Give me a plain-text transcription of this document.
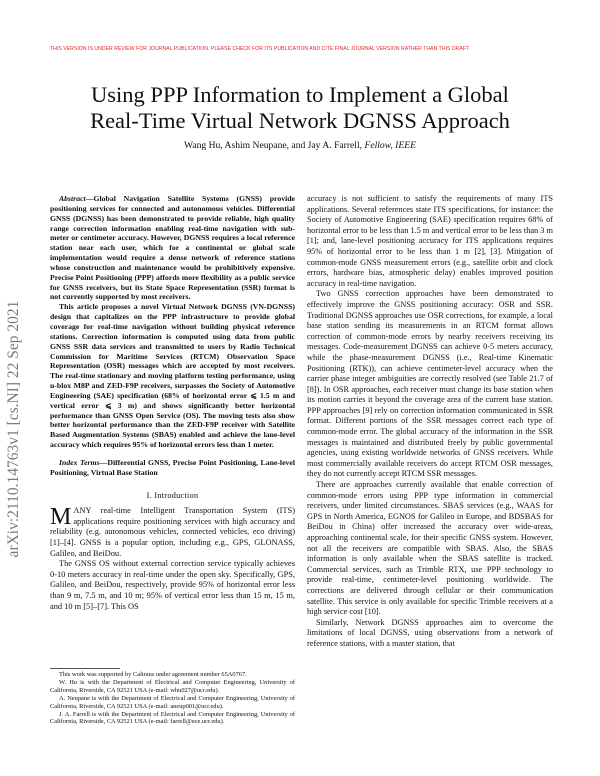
THIS VERSION IS UNDER REVIEW FOR JOURNAL PUBLICATION. PLEASE CHECK FOR ITS PUBLICATION AND CITE FINAL JOURNAL VERSION RATHER THAN THIS DRAFT
Using PPP Information to Implement a Global
Real-Time Virtual Network DGNSS Approach
Wang Hu, Ashim Neupane, and Jay A. Farrell, Fellow, IEEE
arXiv:2110.14763v1 [cs.NI] 22 Sep 2021

Abstract—Global Navigation Satellite Systems (GNSS) provide positioning services for connected and autonomous vehicles. Differential GNSS (DGNSS) has been demonstrated to provide reliable, high quality range correction information enabling real-time navigation with sub-meter or centimeter accuracy. However, DGNSS requires a local reference station near each user, which for a continental or global scale implementation would require a dense network of reference stations whose construction and maintenance would be prohibitively expensive. Precise Point Positioning (PPP) affords more flexibility as a public service for GNSS receivers, but its State Space Representation (SSR) format is not currently supported by most receivers.

This article proposes a novel Virtual Network DGNSS (VN-DGNSS) design that capitalizes on the PPP infrastructure to provide global coverage for real-time navigation without building physical reference stations. Correction information is computed using data from public GNSS SSR data services and transmitted to users by Radio Technical Commission for Maritime Services (RTCM) Observation Space Representation (OSR) messages which are accepted by most receivers. The real-time stationary and moving platform testing performance, using u-blox M8P and ZED-F9P receivers, surpasses the Society of Automotive Engineering (SAE) specification (68% of horizontal error ⩽ 1.5 m and vertical error ⩽ 3 m) and shows significantly better horizontal performance than GNSS Open Service (OS). The moving tests also show better horizontal performance than the ZED-F9P receiver with Satellite Based Augmentation Systems (SBAS) enabled and achieve the lane-level accuracy which requires 95% of horizontal errors less than 1 meter.

Index Terms—Differential GNSS, Precise Point Positioning, Lane-level Positioning, Virtual Base Station
I. Introduction

MANY real-time Intelligent Transportation System (ITS) applications require positioning services with high accuracy and reliability (e.g. autonomous vehicles, connected vehicles, eco driving) [1]–[4]. GNSS is a popular option, including e.g., GPS, GLONASS, Galileo, and BeiDou.

The GNSS OS without external correction service typically achieves 0-10 meters accuracy in real-time under the open sky. Specifically, GPS, Galileo, and BeiDou, respectively, provide 95% of horizontal error less than 9 m, 7.5 m, and 10 m; 95% of vertical error less than 15 m, 15 m, and 10 m [5]–[7]. This OS

This work was supported by Caltrans under agreement number 65A0767.

W. Hu is with the Department of Electrical and Computer Engineering, University of California, Riverside, CA 92521 USA (e-mail: whu027@ucr.edu).

A. Neupane is with the Department of Electrical and Computer Engineering, University of California, Riverside, CA 92521 USA (e-mail: aneup001@ucr.edu).

J. A. Farrell is with the Department of Electrical and Computer Engineering, University of California, Riverside, CA 92521 USA (e-mail: farrell@ece.ucr.edu).

accuracy is not sufficient to satisfy the requirements of many ITS applications. Several references state ITS specifications, for instance: the Society of Automotive Engineering (SAE) specification requires 68% of horizontal error to be less than 1.5 m and vertical error to be less than 3 m [1]; and, lane-level positioning accuracy for ITS applications requires 95% of horizontal error to be less than 1 m [2], [3]. Mitigation of common-mode GNSS measurement errors (e.g., satellite orbit and clock errors, hardware bias, atmospheric delay) enables improved position accuracy in real-time navigation.

Two GNSS correction approaches have been demonstrated to effectively improve the GNSS positioning accuracy: OSR and SSR. Traditional DGNSS approaches use OSR corrections, for example, a local base station sending its measurements in an RTCM format allows correction of common-mode errors by nearby receivers receiving its messages. Code-measurement DGNSS can achieve 0-5 meters accuracy, while the phase-measurement DGNSS (i.e., Real-time Kinematic Positioning (RTK)), can achieve centimeter-level accuracy when the carrier phase integer ambiguities are correctly resolved (see Table 21.7 of [8]). In OSR approaches, each receiver must change its base station when its motion carries it beyond the coverage area of the current base station. PPP approaches [9] rely on correction information communicated in SSR format. Different portions of the SSR messages correct each type of common-mode error. The global accuracy of the information in the SSR messages is maintained and distributed freely by public governmental agencies, using existing worldwide networks of GNSS receivers. While most commercially available receivers do accept RTCM OSR messages, they do not currently accept RTCM SSR messages.

There are approaches currently available that enable correction of common-mode errors using PPP type information in commercial receivers, under limited circumstances. SBAS services (e.g., WAAS for GPS in North America, EGNOS for Galileo in Europe, and BDSBAS for BeiDou in China) offer increased the accuracy over wide-areas, approaching continental scale, for their specific GNSS system. However, not all the receivers are compatible with SBAS. Also, the SBAS information is only available when the SBAS satellite is tracked. Commercial services, such as Trimble RTX, use PPP technology to provide real-time, centimeter-level positioning worldwide. The corrections are delivered through cellular or their communication satellite. This service is only available for specific Trimble receivers at a high service cost [10].

Similarly, Network DGNSS approaches aim to overcome the limitations of local DGNSS, using observations from a network of reference stations, with a master station, that
